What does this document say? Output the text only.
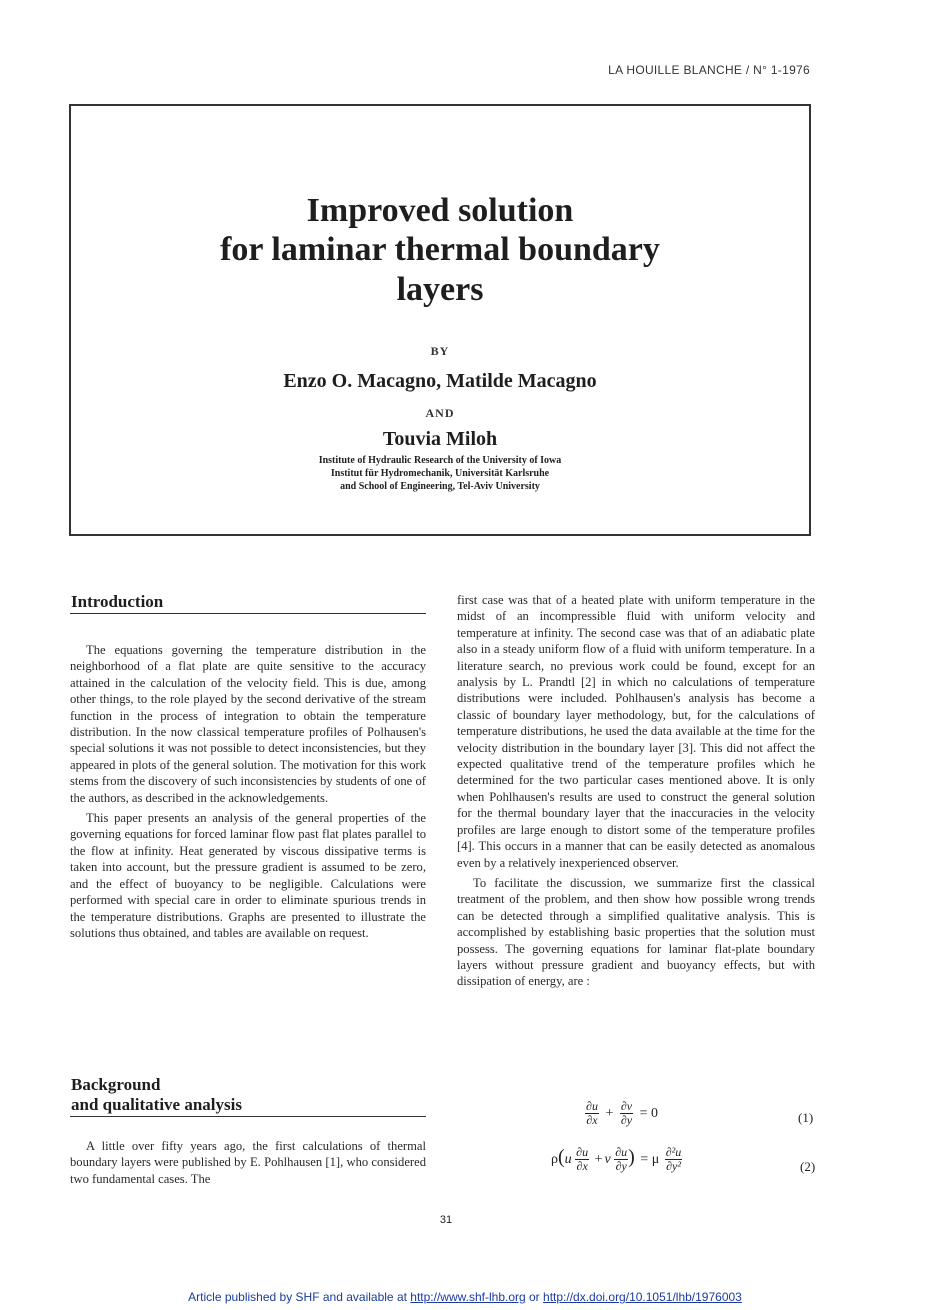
LA HOUILLE BLANCHE / N° 1-1976
Improved solution
for laminar thermal boundary
layers
BY
Enzo O. Macagno, Matilde Macagno
AND
Touvia Miloh
Institute of Hydraulic Research of the University of Iowa
Institut für Hydromechanik, Universität Karlsruhe
and School of Engineering, Tel-Aviv University
Introduction

The equations governing the temperature distribution in the neighborhood of a flat plate are quite sensitive to the accuracy attained in the calculation of the velocity field. This is due, among other things, to the role played by the second derivative of the stream function in the process of integration to obtain the temperature distribution. In the now classical temperature profiles of Polhausen's special solutions it was not possible to detect inconsistencies, but they appeared in plots of the general solution. The motivation for this work stems from the discovery of such inconsistencies by students of one of the authors, as described in the acknowledgements.

This paper presents an analysis of the general properties of the governing equations for forced laminar flow past flat plates parallel to the flow at infinity. Heat generated by viscous dissipative terms is taken into account, but the pressure gradient is assumed to be zero, and the effect of buoyancy to be negligible. Calculations were performed with special care in order to eliminate spurious trends in the temperature distributions. Graphs are presented to illustrate the solutions thus obtained, and tables are available on request.

Background
and qualitative analysis

A little over fifty years ago, the first calculations of thermal boundary layers were published by E. Pohlhausen [1], who considered two fundamental cases. The

first case was that of a heated plate with uniform temperature in the midst of an incompressible fluid with uniform velocity and temperature at infinity. The second case was that of an adiabatic plate also in a steady uniform flow of a fluid with uniform temperature. In a literature search, no previous work could be found, except for an analysis by L. Prandtl [2] in which no calculations of temperature distributions were included. Pohlhausen's analysis has become a classic of boundary layer methodology, but, for the calculations of temperature distributions, he used the data available at the time for the velocity distribution in the boundary layer [3]. This did not affect the expected qualitative trend of the temperature profiles which he determined for the two particular cases mentioned above. It is only when Pohlhausen's results are used to construct the general solution for the thermal boundary layer that the inaccuracies in the velocity profiles are large enough to distort some of the temperature profiles [4]. This occurs in a manner that can be easily detected as anomalous even by a relatively inexperienced observer.

To facilitate the discussion, we summarize first the classical treatment of the problem, and then show how possible wrong trends can be detected through a simplified qualitative analysis. This is accomplished by establishing basic properties that the solution must possess. The governing equations for laminar flat-plate boundary layers without pressure gradient and buoyancy effects, but with dissipation of energy, are :

$\frac{\partial u}{\partial x} + \frac{\partial v}{\partial y} = 0$	(1)
$\rho(u \frac{\partial u}{\partial x} + v \frac{\partial u}{\partial y}$ ) = μ $\frac{\text{∂²u}}{\text{∂y²}}$	(2)
31
Article published by SHF and available at http://www.shf-lhb.org or http://dx.doi.org/10.1051/lhb/1976003
